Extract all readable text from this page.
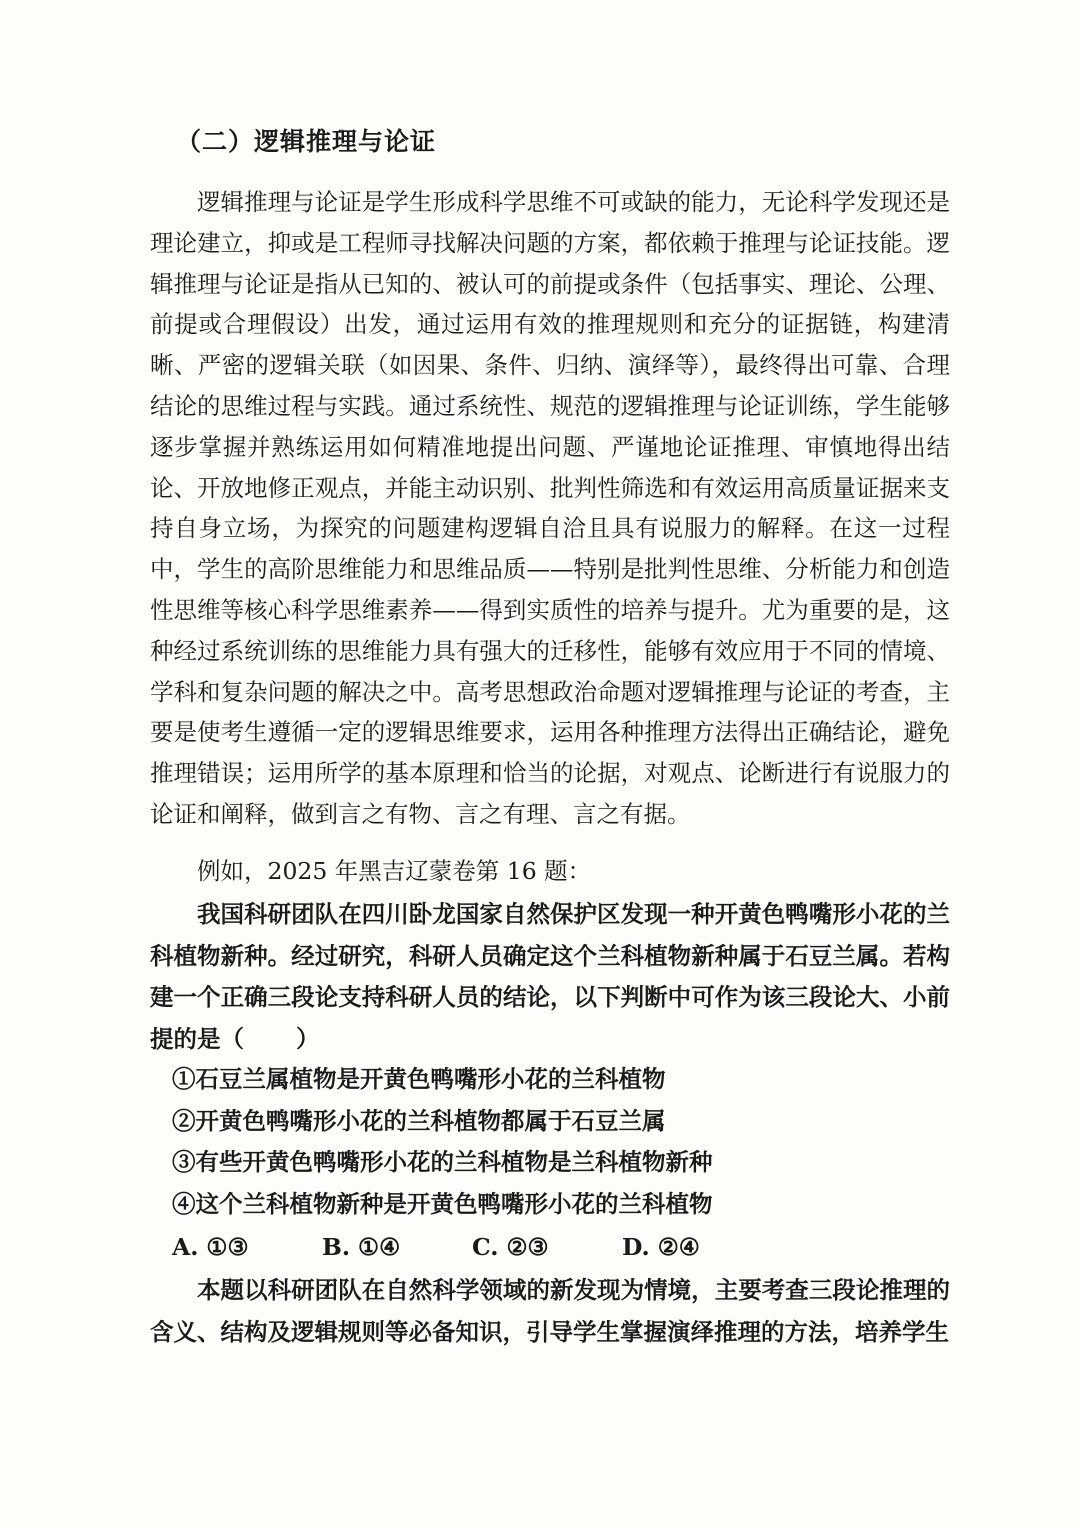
（二）逻辑推理与论证

逻辑推理与论证是学生形成科学思维不可或缺的能力，无论科学发现还是理论建立，抑或是工程师寻找解决问题的方案，都依赖于推理与论证技能。逻辑推理与论证是指从已知的、被认可的前提或条件（包括事实、理论、公理、前提或合理假设）出发，通过运用有效的推理规则和充分的证据链，构建清晰、严密的逻辑关联（如因果、条件、归纳、演绎等），最终得出可靠、合理结论的思维过程与实践。通过系统性、规范的逻辑推理与论证训练，学生能够逐步掌握并熟练运用如何精准地提出问题、严谨地论证推理、审慎地得出结论、开放地修正观点，并能主动识别、批判性筛选和有效运用高质量证据来支持自身立场，为探究的问题建构逻辑自洽且具有说服力的解释。在这一过程中，学生的高阶思维能力和思维品质——特别是批判性思维、分析能力和创造性思维等核心科学思维素养——得到实质性的培养与提升。尤为重要的是，这种经过系统训练的思维能力具有强大的迁移性，能够有效应用于不同的情境、学科和复杂问题的解决之中。高考思想政治命题对逻辑推理与论证的考查，主要是使考生遵循一定的逻辑思维要求，运用各种推理方法得出正确结论，避免推理错误；运用所学的基本原理和恰当的论据，对观点、论断进行有说服力的论证和阐释，做到言之有物、言之有理、言之有据。

例如，2025 年黑吉辽蒙卷第 16 题：

我国科研团队在四川卧龙国家自然保护区发现一种开黄色鸭嘴形小花的兰科植物新种。经过研究，科研人员确定这个兰科植物新种属于石豆兰属。若构建一个正确三段论支持科研人员的结论，以下判断中可作为该三段论大、小前提的是（ ）

①石豆兰属植物是开黄色鸭嘴形小花的兰科植物
②开黄色鸭嘴形小花的兰科植物都属于石豆兰属
③有些开黄色鸭嘴形小花的兰科植物是兰科植物新种
④这个兰科植物新种是开黄色鸭嘴形小花的兰科植物
A. ①③	B. ①④	C. ②③	D. ②④

本题以科研团队在自然科学领域的新发现为情境，主要考查三段论推理的含义、结构及逻辑规则等必备知识，引导学生掌握演绎推理的方法，培养学生
